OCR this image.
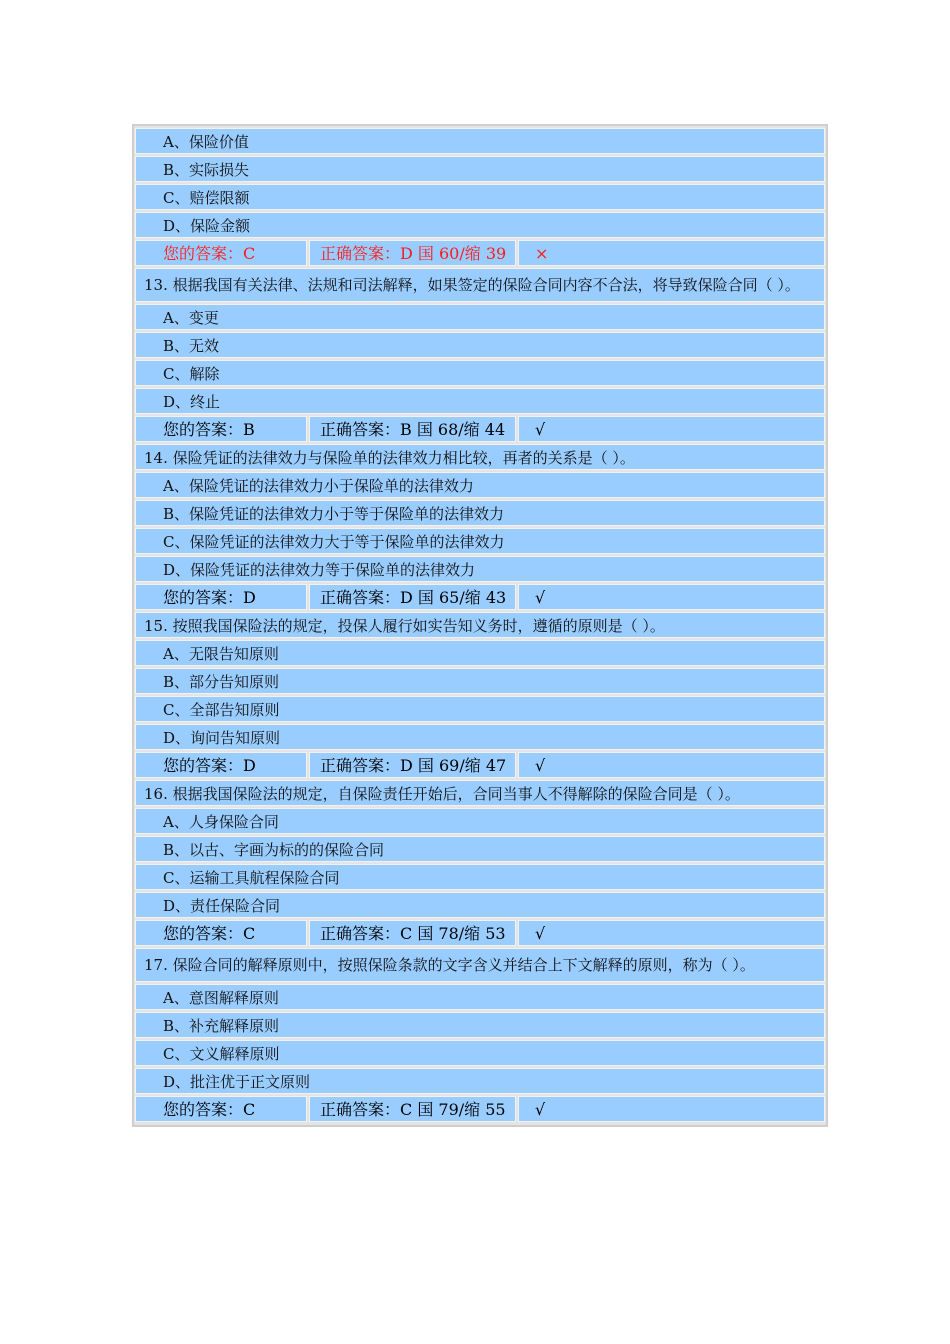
A、保险价值
B、实际损失
C、赔偿限额
D、保险金额
您的答案：C	正确答案：D 国 60/缩 39	×
13. 根据我国有关法律、法规和司法解释，如果签定的保险合同内容不合法，将导致保险合同（ ）。
A、变更
B、无效
C、解除
D、终止
您的答案：B	正确答案：B 国 68/缩 44	√
14. 保险凭证的法律效力与保险单的法律效力相比较，再者的关系是（ ）。
A、保险凭证的法律效力小于保险单的法律效力
B、保险凭证的法律效力小于等于保险单的法律效力
C、保险凭证的法律效力大于等于保险单的法律效力
D、保险凭证的法律效力等于保险单的法律效力
您的答案：D	正确答案：D 国 65/缩 43	√
15. 按照我国保险法的规定，投保人履行如实告知义务时，遵循的原则是（ ）。
A、无限告知原则
B、部分告知原则
C、全部告知原则
D、询问告知原则
您的答案：D	正确答案：D 国 69/缩 47	√
16. 根据我国保险法的规定，自保险责任开始后，合同当事人不得解除的保险合同是（ ）。
A、人身保险合同
B、以古、字画为标的的保险合同
C、运输工具航程保险合同
D、责任保险合同
您的答案：C	正确答案：C 国 78/缩 53	√
17. 保险合同的解释原则中，按照保险条款的文字含义并结合上下文解释的原则，称为（ ）。
A、意图解释原则
B、补充解释原则
C、文义解释原则
D、批注优于正文原则
您的答案：C	正确答案：C 国 79/缩 55	√
